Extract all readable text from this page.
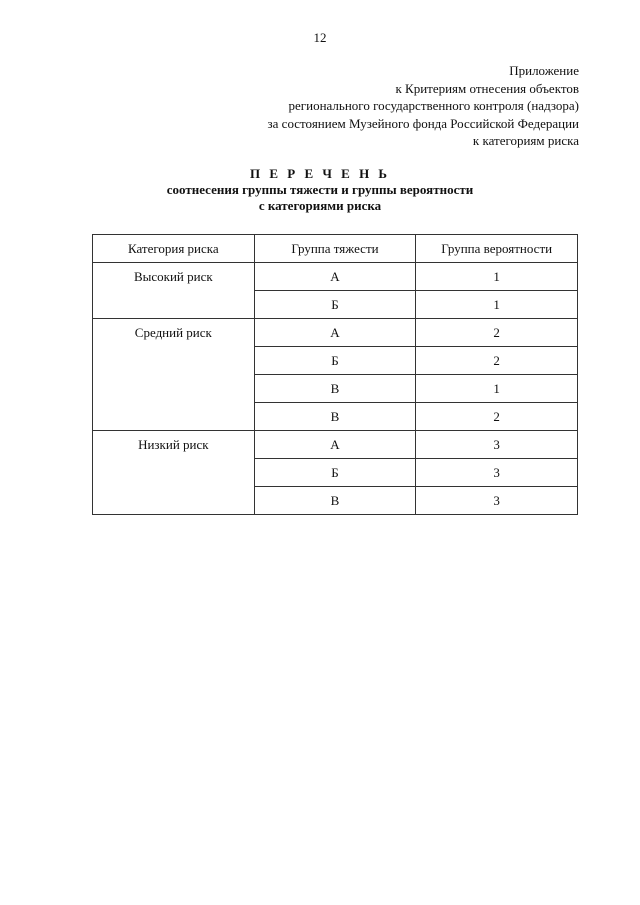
12
Приложение
к Критериям отнесения объектов
регионального государственного контроля (надзора)
за состоянием Музейного фонда Российской Федерации
к категориям риска
П Е Р Е Ч Е Н Ь
соотнесения группы тяжести и группы вероятности
с категориями риска
Категория риска	Группа тяжести	Группа вероятности
Высокий риск	А	1
	Б	1
Средний риск	А	2
	Б	2
	В	1
	В	2
Низкий риск	А	3
	Б	3
	В	3
